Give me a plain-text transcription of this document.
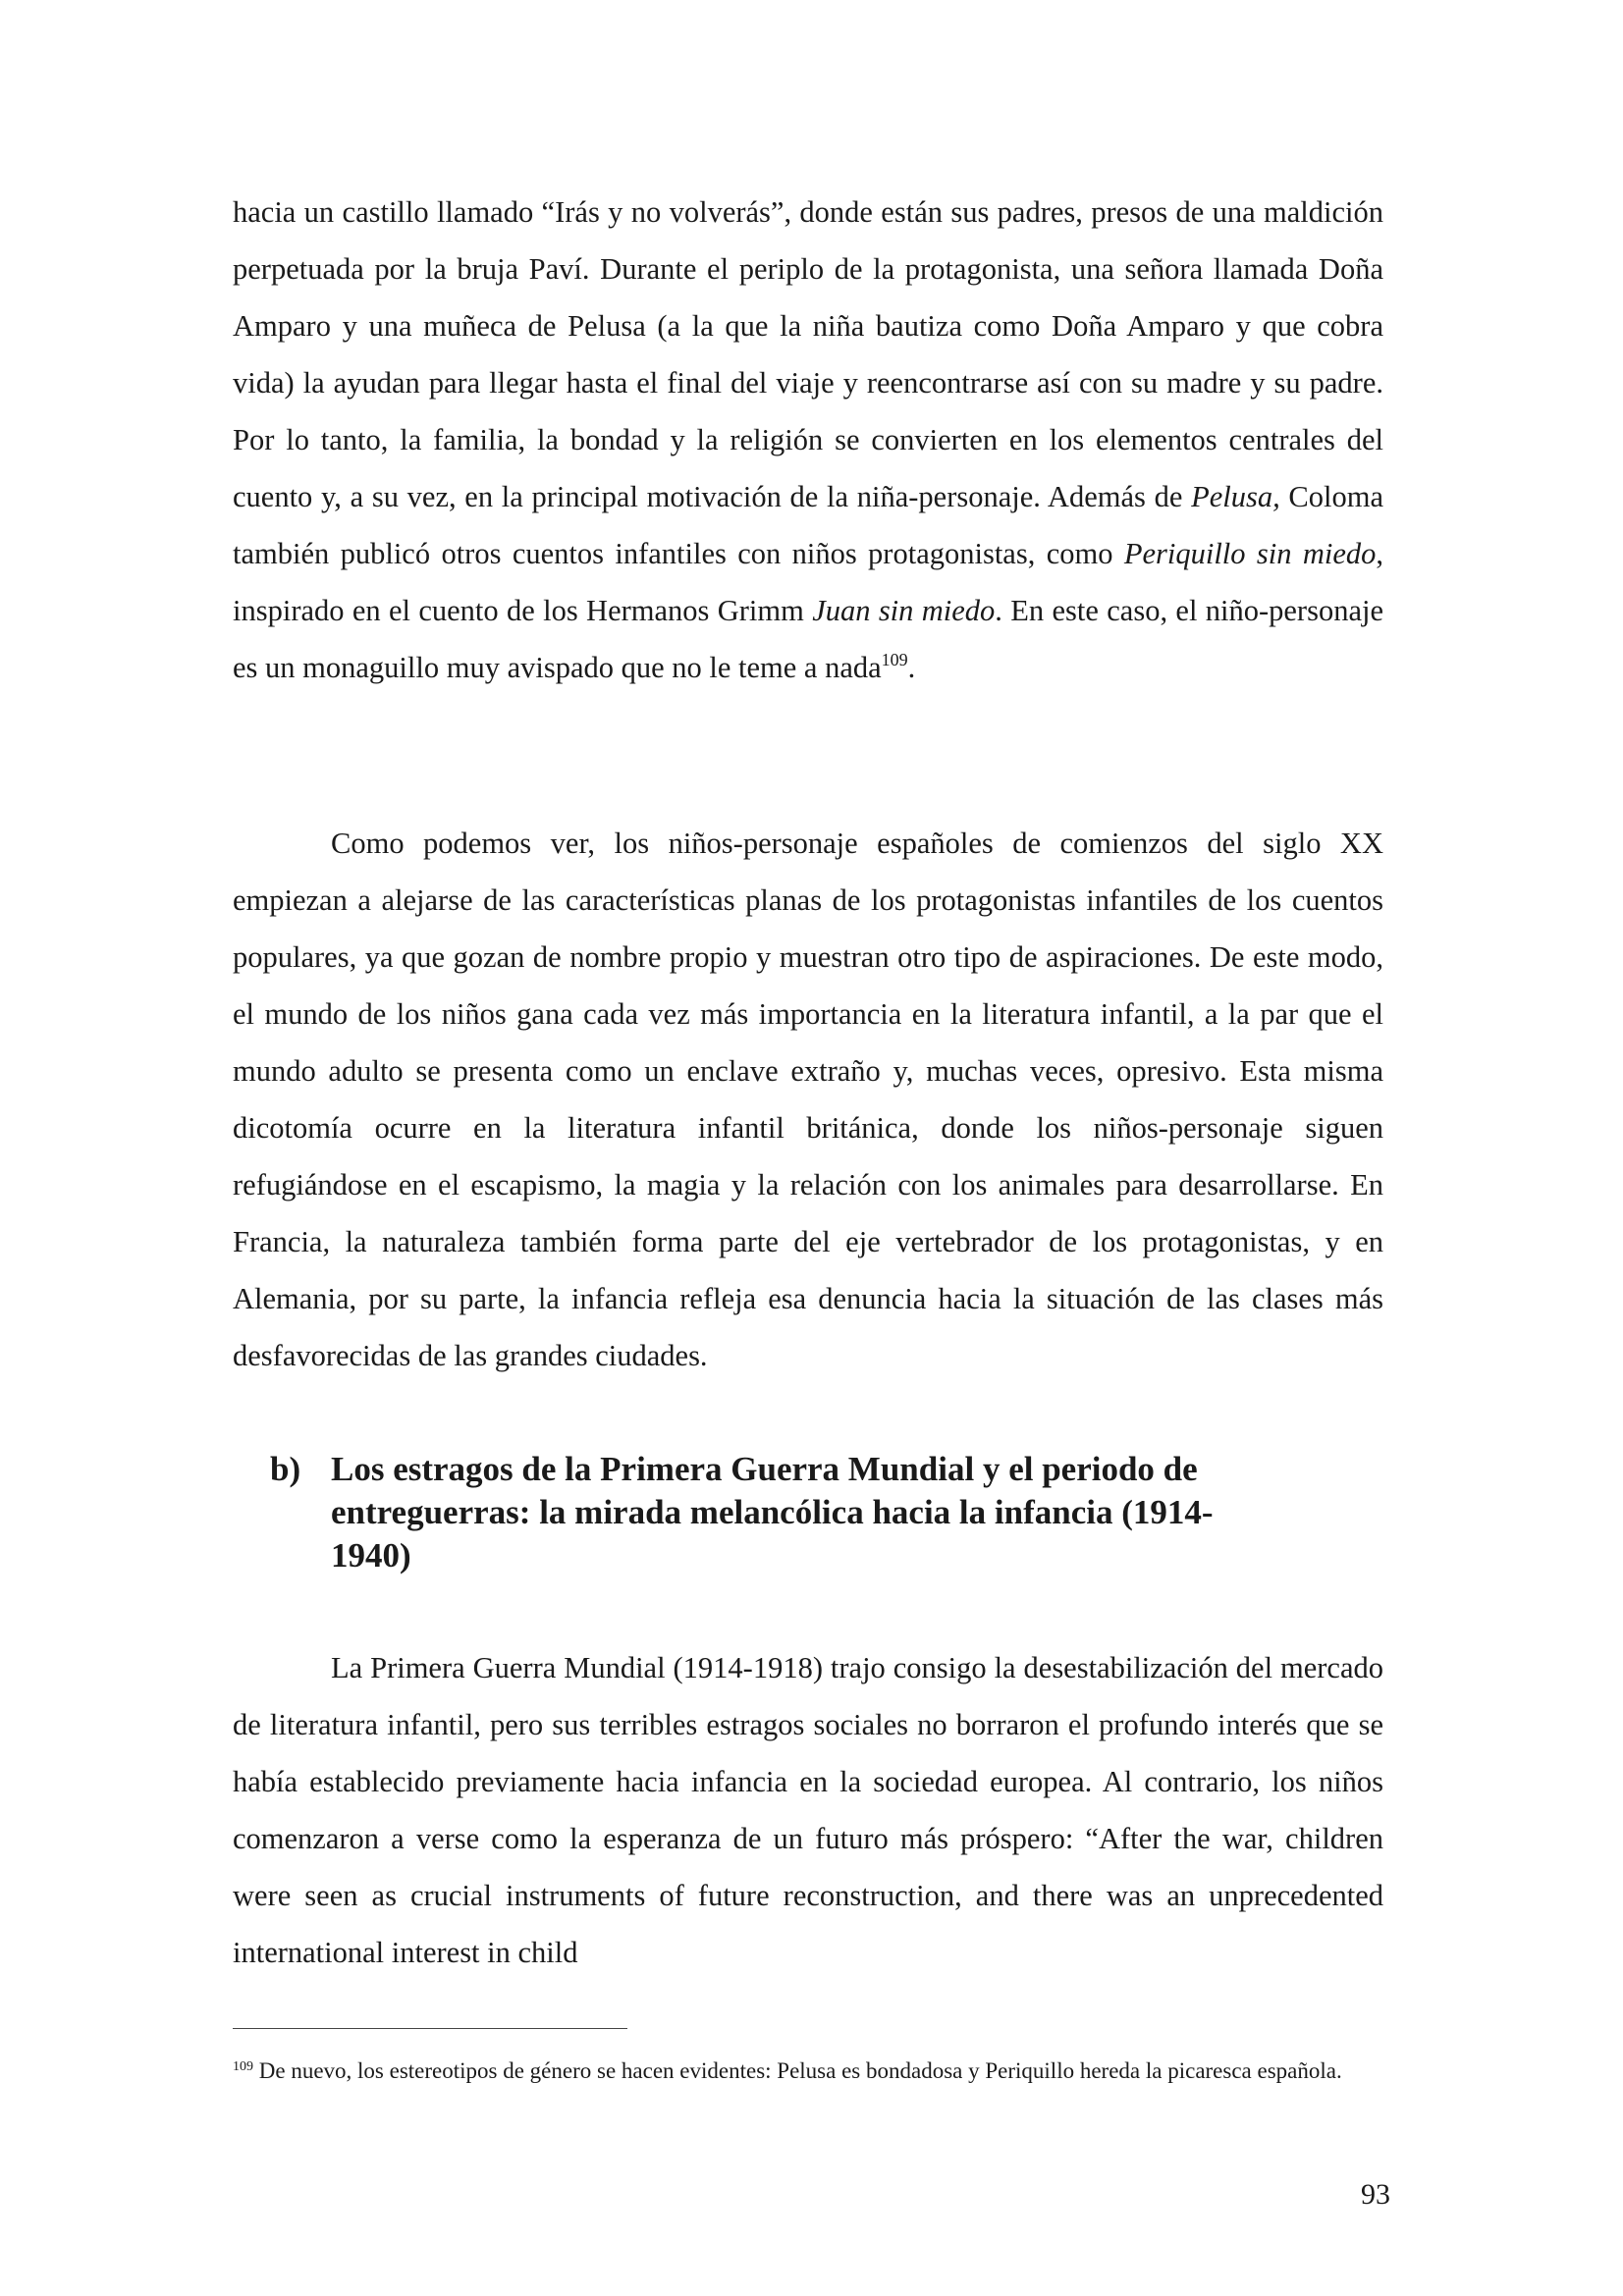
hacia un castillo llamado “Irás y no volverás”, donde están sus padres, presos de una maldición perpetuada por la bruja Paví. Durante el periplo de la protagonista, una señora llamada Doña Amparo y una muñeca de Pelusa (a la que la niña bautiza como Doña Amparo y que cobra vida) la ayudan para llegar hasta el final del viaje y reencontrarse así con su madre y su padre. Por lo tanto, la familia, la bondad y la religión se convierten en los elementos centrales del cuento y, a su vez, en la principal motivación de la niña-personaje. Además de Pelusa, Coloma también publicó otros cuentos infantiles con niños protagonistas, como Periquillo sin miedo, inspirado en el cuento de los Hermanos Grimm Juan sin miedo. En este caso, el niño-personaje es un monaguillo muy avispado que no le teme a nada$^{109}$.

Como podemos ver, los niños-personaje españoles de comienzos del siglo XX empiezan a alejarse de las características planas de los protagonistas infantiles de los cuentos populares, ya que gozan de nombre propio y muestran otro tipo de aspiraciones. De este modo, el mundo de los niños gana cada vez más importancia en la literatura infantil, a la par que el mundo adulto se presenta como un enclave extraño y, muchas veces, opresivo. Esta misma dicotomía ocurre en la literatura infantil británica, donde los niños-personaje siguen refugiándose en el escapismo, la magia y la relación con los animales para desarrollarse. En Francia, la naturaleza también forma parte del eje vertebrador de los protagonistas, y en Alemania, por su parte, la infancia refleja esa denuncia hacia la situación de las clases más desfavorecidas de las grandes ciudades.

b) Los estragos de la Primera Guerra Mundial y el periodo de
entreguerras: la mirada melancólica hacia la infancia (1914-
1940)

La Primera Guerra Mundial (1914-1918) trajo consigo la desestabilización del mercado de literatura infantil, pero sus terribles estragos sociales no borraron el profundo interés que se había establecido previamente hacia infancia en la sociedad europea. Al contrario, los niños comenzaron a verse como la esperanza de un futuro más próspero: “After the war, children were seen as crucial instruments of future reconstruction, and there was an unprecedented international interest in child

$^{109}$ De nuevo, los estereotipos de género se hacen evidentes: Pelusa es bondadosa y Periquillo hereda la picaresca española.

93
